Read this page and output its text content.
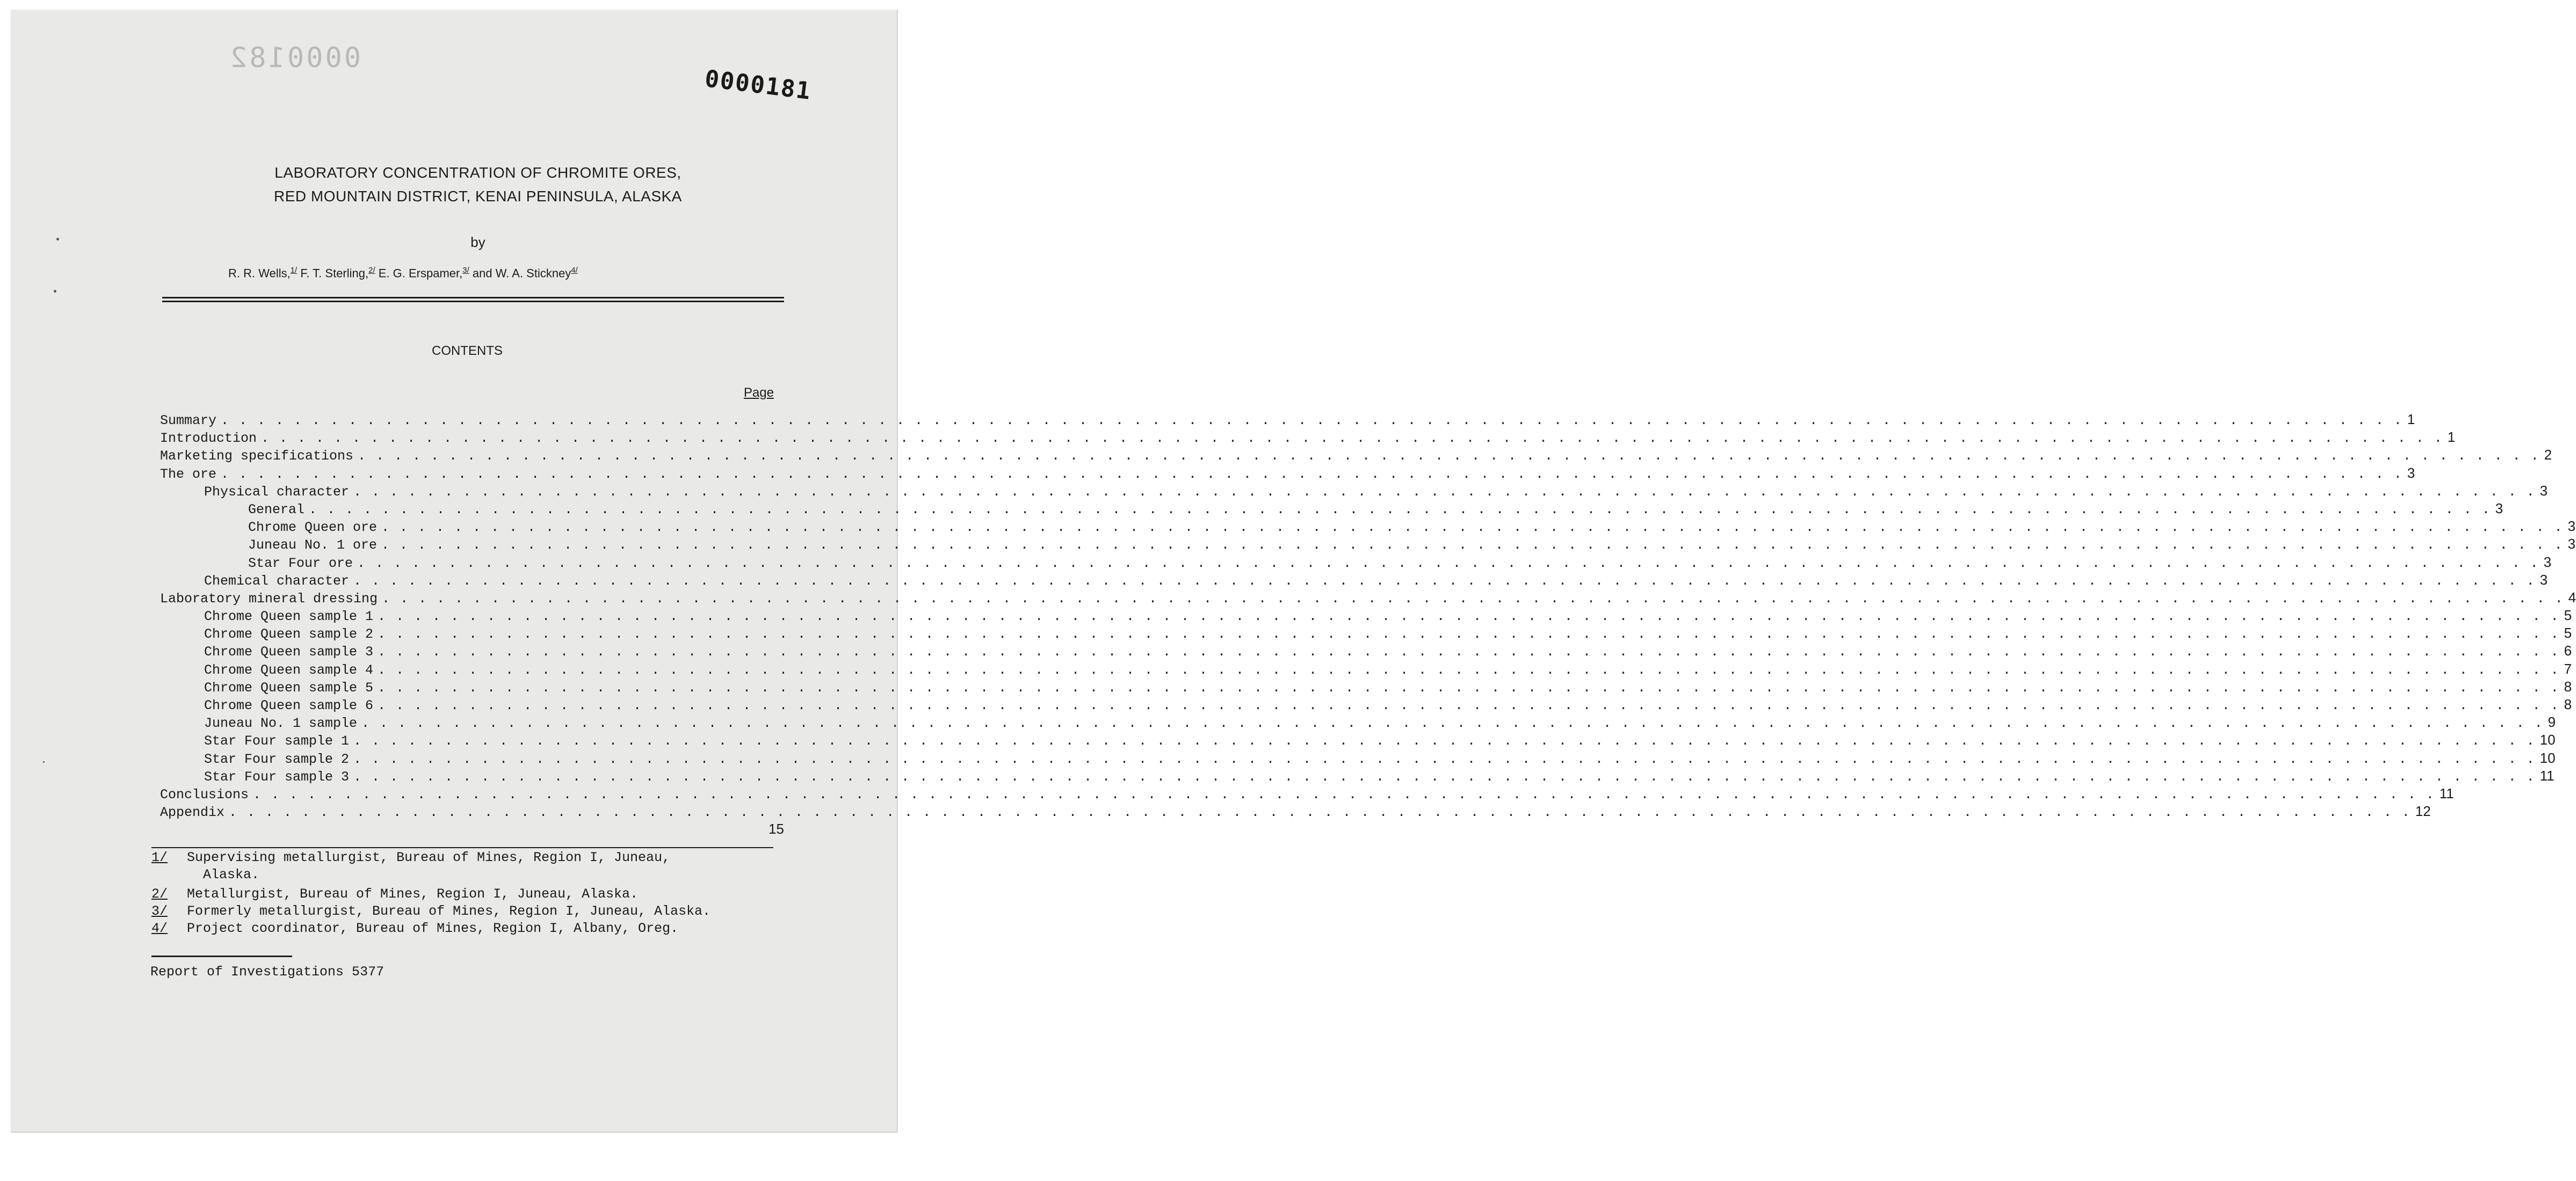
0000182
0000181
LABORATORY CONCENTRATION OF CHROMITE ORES,
RED MOUNTAIN DISTRICT, KENAI PENINSULA, ALASKA
by
R. R. Wells,$^{1/}$ F. T. Sterling,$^{2/}$ E. G. Erspamer,$^{3/}$ and W. A. Stickney$^{4/}$
CONTENTS
Page
Summary . . . . . . . . . . . . . . . . . . . . . . . . . . . . . . . . . . . . . . . . . . . . . . . . . . . . . . . . . . . . . . . . . . . . . . . . . . . . . . . . . . . . . . . . . . . . . . . . . . . . . . . . . . . . . . . . . . . . . . . . 1
Introduction . . . . . . . . . . . . . . . . . . . . . . . . . . . . . . . . . . . . . . . . . . . . . . . . . . . . . . . . . . . . . . . . . . . . . . . . . . . . . . . . . . . . . . . . . . . . . . . . . . . . . . . . . . . . . . . . . . . . . . . . 1
Marketing specifications . . . . . . . . . . . . . . . . . . . . . . . . . . . . . . . . . . . . . . . . . . . . . . . . . . . . . . . . . . . . . . . . . . . . . . . . . . . . . . . . . . . . . . . . . . . . . . . . . . . . . . . . . . . . . . . . . . . . . . . . 2
The ore . . . . . . . . . . . . . . . . . . . . . . . . . . . . . . . . . . . . . . . . . . . . . . . . . . . . . . . . . . . . . . . . . . . . . . . . . . . . . . . . . . . . . . . . . . . . . . . . . . . . . . . . . . . . . . . . . . . . . . . . 3
Physical character . . . . . . . . . . . . . . . . . . . . . . . . . . . . . . . . . . . . . . . . . . . . . . . . . . . . . . . . . . . . . . . . . . . . . . . . . . . . . . . . . . . . . . . . . . . . . . . . . . . . . . . . . . . . . . . . . . . . . . . . 3
General . . . . . . . . . . . . . . . . . . . . . . . . . . . . . . . . . . . . . . . . . . . . . . . . . . . . . . . . . . . . . . . . . . . . . . . . . . . . . . . . . . . . . . . . . . . . . . . . . . . . . . . . . . . . . . . . . . . . . . . . 3
Chrome Queen ore . . . . . . . . . . . . . . . . . . . . . . . . . . . . . . . . . . . . . . . . . . . . . . . . . . . . . . . . . . . . . . . . . . . . . . . . . . . . . . . . . . . . . . . . . . . . . . . . . . . . . . . . . . . . . . . . . . . . . . . . 3
Juneau No. 1 ore . . . . . . . . . . . . . . . . . . . . . . . . . . . . . . . . . . . . . . . . . . . . . . . . . . . . . . . . . . . . . . . . . . . . . . . . . . . . . . . . . . . . . . . . . . . . . . . . . . . . . . . . . . . . . . . . . . . . . . . . 3
Star Four ore . . . . . . . . . . . . . . . . . . . . . . . . . . . . . . . . . . . . . . . . . . . . . . . . . . . . . . . . . . . . . . . . . . . . . . . . . . . . . . . . . . . . . . . . . . . . . . . . . . . . . . . . . . . . . . . . . . . . . . . . 3
Chemical character . . . . . . . . . . . . . . . . . . . . . . . . . . . . . . . . . . . . . . . . . . . . . . . . . . . . . . . . . . . . . . . . . . . . . . . . . . . . . . . . . . . . . . . . . . . . . . . . . . . . . . . . . . . . . . . . . . . . . . . . 3
Laboratory mineral dressing . . . . . . . . . . . . . . . . . . . . . . . . . . . . . . . . . . . . . . . . . . . . . . . . . . . . . . . . . . . . . . . . . . . . . . . . . . . . . . . . . . . . . . . . . . . . . . . . . . . . . . . . . . . . . . . . . . . . . . . . 4
Chrome Queen sample 1 . . . . . . . . . . . . . . . . . . . . . . . . . . . . . . . . . . . . . . . . . . . . . . . . . . . . . . . . . . . . . . . . . . . . . . . . . . . . . . . . . . . . . . . . . . . . . . . . . . . . . . . . . . . . . . . . . . . . . . . . 5
Chrome Queen sample 2 . . . . . . . . . . . . . . . . . . . . . . . . . . . . . . . . . . . . . . . . . . . . . . . . . . . . . . . . . . . . . . . . . . . . . . . . . . . . . . . . . . . . . . . . . . . . . . . . . . . . . . . . . . . . . . . . . . . . . . . . 5
Chrome Queen sample 3 . . . . . . . . . . . . . . . . . . . . . . . . . . . . . . . . . . . . . . . . . . . . . . . . . . . . . . . . . . . . . . . . . . . . . . . . . . . . . . . . . . . . . . . . . . . . . . . . . . . . . . . . . . . . . . . . . . . . . . . . 6
Chrome Queen sample 4 . . . . . . . . . . . . . . . . . . . . . . . . . . . . . . . . . . . . . . . . . . . . . . . . . . . . . . . . . . . . . . . . . . . . . . . . . . . . . . . . . . . . . . . . . . . . . . . . . . . . . . . . . . . . . . . . . . . . . . . . 7
Chrome Queen sample 5 . . . . . . . . . . . . . . . . . . . . . . . . . . . . . . . . . . . . . . . . . . . . . . . . . . . . . . . . . . . . . . . . . . . . . . . . . . . . . . . . . . . . . . . . . . . . . . . . . . . . . . . . . . . . . . . . . . . . . . . . 8
Chrome Queen sample 6 . . . . . . . . . . . . . . . . . . . . . . . . . . . . . . . . . . . . . . . . . . . . . . . . . . . . . . . . . . . . . . . . . . . . . . . . . . . . . . . . . . . . . . . . . . . . . . . . . . . . . . . . . . . . . . . . . . . . . . . . 8
Juneau No. 1 sample . . . . . . . . . . . . . . . . . . . . . . . . . . . . . . . . . . . . . . . . . . . . . . . . . . . . . . . . . . . . . . . . . . . . . . . . . . . . . . . . . . . . . . . . . . . . . . . . . . . . . . . . . . . . . . . . . . . . . . . . 9
Star Four sample 1 . . . . . . . . . . . . . . . . . . . . . . . . . . . . . . . . . . . . . . . . . . . . . . . . . . . . . . . . . . . . . . . . . . . . . . . . . . . . . . . . . . . . . . . . . . . . . . . . . . . . . . . . . . . . . . . . . . . . . . . . 10
Star Four sample 2 . . . . . . . . . . . . . . . . . . . . . . . . . . . . . . . . . . . . . . . . . . . . . . . . . . . . . . . . . . . . . . . . . . . . . . . . . . . . . . . . . . . . . . . . . . . . . . . . . . . . . . . . . . . . . . . . . . . . . . . . 10
Star Four sample 3 . . . . . . . . . . . . . . . . . . . . . . . . . . . . . . . . . . . . . . . . . . . . . . . . . . . . . . . . . . . . . . . . . . . . . . . . . . . . . . . . . . . . . . . . . . . . . . . . . . . . . . . . . . . . . . . . . . . . . . . . 11
Conclusions . . . . . . . . . . . . . . . . . . . . . . . . . . . . . . . . . . . . . . . . . . . . . . . . . . . . . . . . . . . . . . . . . . . . . . . . . . . . . . . . . . . . . . . . . . . . . . . . . . . . . . . . . . . . . . . . . . . . . . . . 11
Appendix . . . . . . . . . . . . . . . . . . . . . . . . . . . . . . . . . . . . . . . . . . . . . . . . . . . . . . . . . . . . . . . . . . . . . . . . . . . . . . . . . . . . . . . . . . . . . . . . . . . . . . . . . . . . . . . . . . . . . . . . 12
15
1/	Supervising metallurgist, Bureau of Mines, Region I, Juneau,
Alaska.
2/	Metallurgist, Bureau of Mines, Region I, Juneau, Alaska.
3/	Formerly metallurgist, Bureau of Mines, Region I, Juneau, Alaska.
4/	Project coordinator, Bureau of Mines, Region I, Albany, Oreg.
Report of Investigations 5377
